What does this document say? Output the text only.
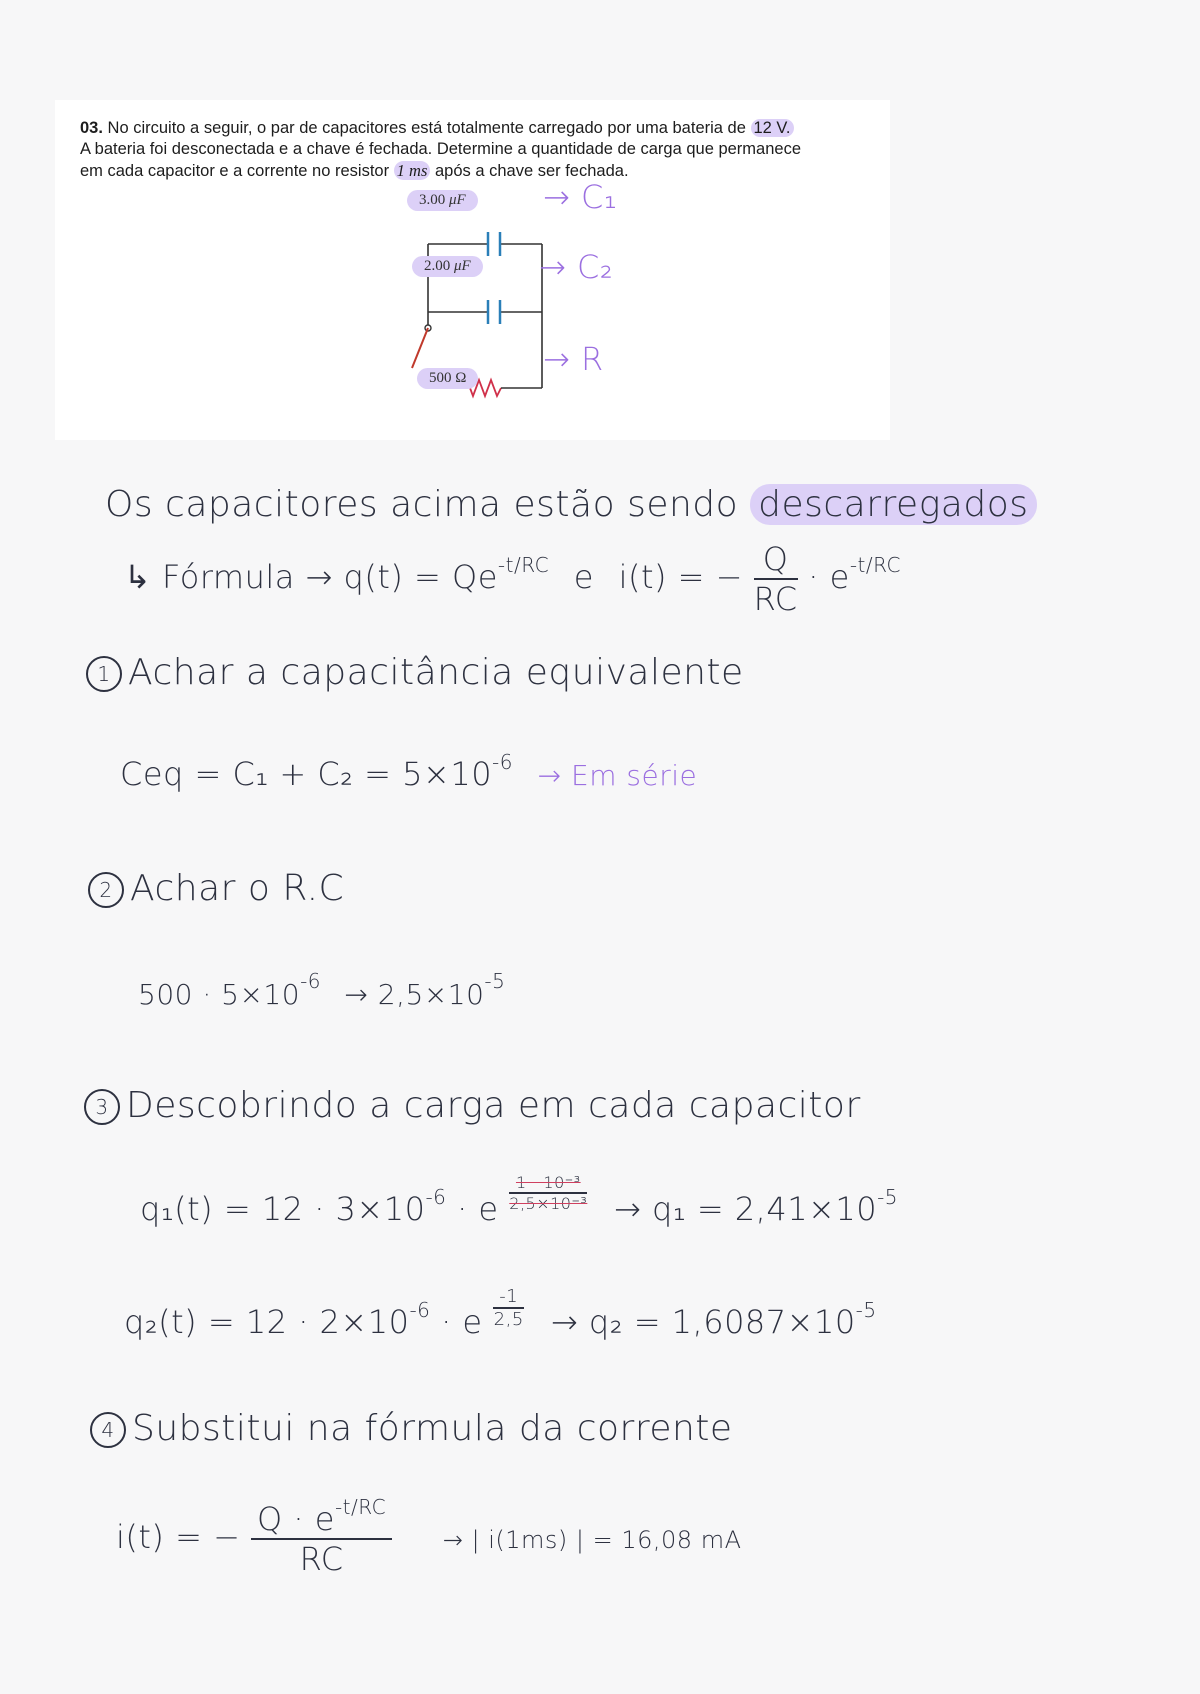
03. No circuito a seguir, o par de capacitores está totalmente carregado por uma bateria de 12 V.
A bateria foi desconectada e a chave é fechada. Determine a quantidade de carga que permanece
em cada capacitor e a corrente no resistor 1 ms após a chave ser fechada.
3.00 μF
2.00 μF
500 Ω
→ C₁
→ C₂
→ R
Os capacitores acima estão sendo descarregados
↳ Fórmula → $q(t) = Qe^{-t/RC}$ e i(t) = − $\frac{Q}{RC} \cdot e^{-t/RC}$
1 Achar a capacitância equivalente
Ceq = $C_1 + C_2 = 5\times 10^{-6} \to Em$ série
2 Achar o R.C
$500 \cdot 5\times 10^{-6} \to 2,5\times 10^{-5}$
3 Descobrindo a carga em cada capacitor
$q_1(t) = 12 \cdot 3\times 10^{-6} \cdot e \frac{\text{1 · 10⁻³}}{\text{2,5×10⁻³}} \to q_1 = 2,41\times 10^{-5}$
$q_2(t) = 12 \cdot 2\times 10^{-6} \cdot e \frac{-1}{2,5} \to q_2 = 1,6087\times 10^{-5}$
4 Substitui na fórmula da corrente
i(t) = − $\frac{Q \cdot e^{-t/RC}}{RC}$ → | i(1ms) | = 16,08 mA
